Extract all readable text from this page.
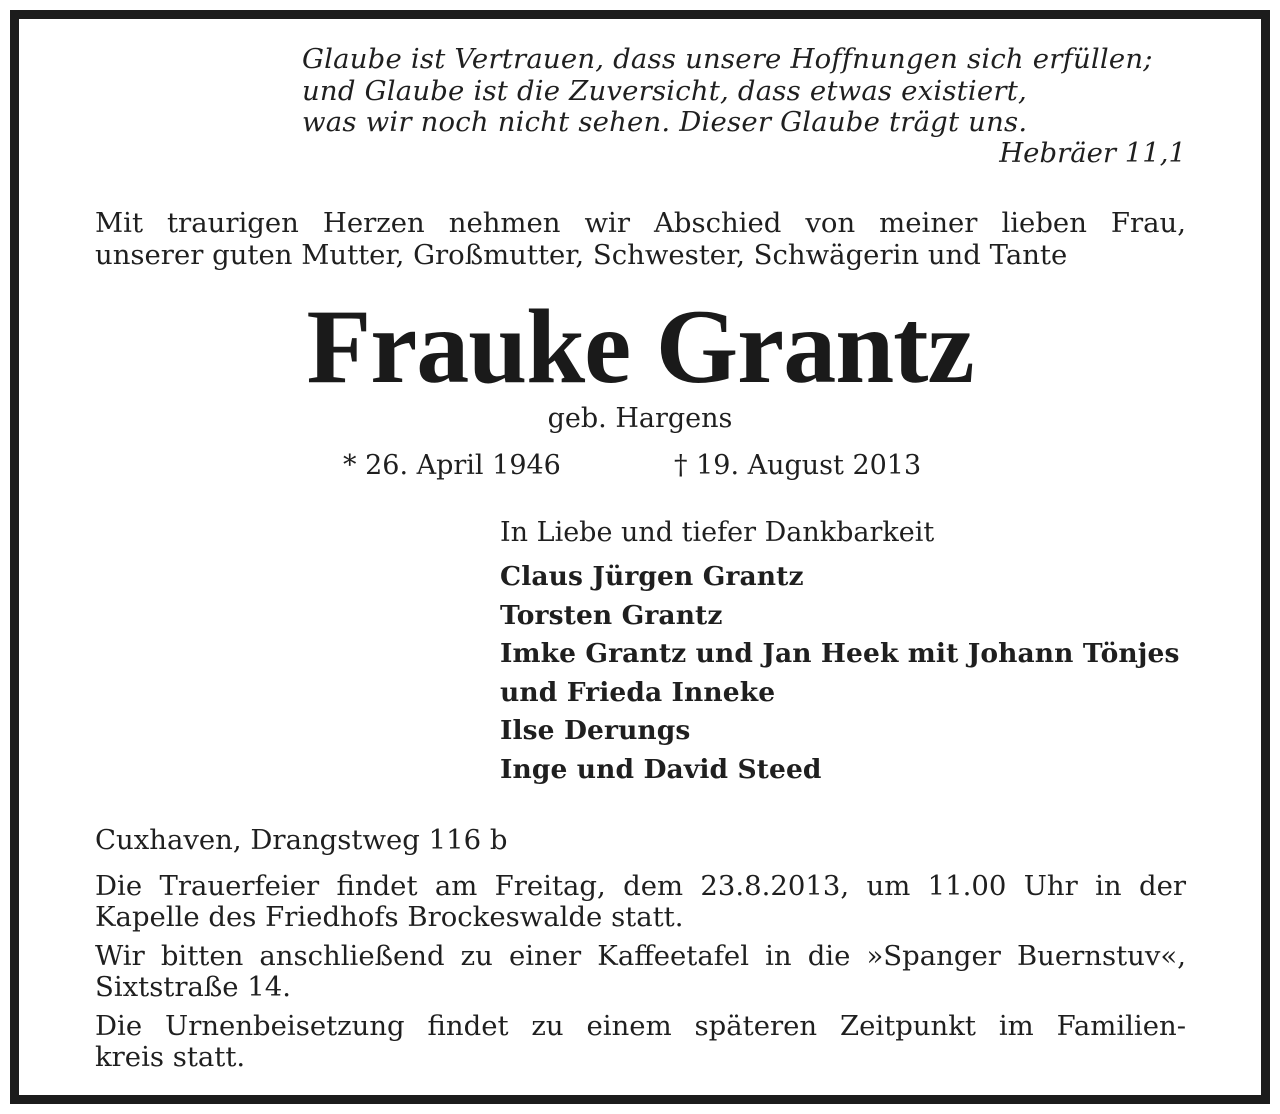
Glaube ist Vertrauen, dass unsere Hoffnungen sich erfüllen;
und Glaube ist die Zuversicht, dass etwas existiert,
was wir noch nicht sehen. Dieser Glaube trägt uns.
Hebräer 11,1
Mit traurigen Herzen nehmen wir Abschied von meiner lieben Frau,
unserer guten Mutter, Großmutter, Schwester, Schwägerin und Tante
Frauke Grantz
geb. Hargens
* 26. April 1946	† 19. August 2013
In Liebe und tiefer Dankbarkeit
Claus Jürgen Grantz
Torsten Grantz
Imke Grantz und Jan Heek mit Johann Tönjes
und Frieda Inneke
Ilse Derungs
Inge und David Steed
Cuxhaven, Drangstweg 116 b
Die Trauerfeier findet am Freitag, dem 23.8.2013, um 11.00 Uhr in der
Kapelle des Friedhofs Brockeswalde statt.
Wir bitten anschließend zu einer Kaffeetafel in die »Spanger Buernstuv«,
Sixtstraße 14.
Die Urnenbeisetzung findet zu einem späteren Zeitpunkt im Familien-
kreis statt.
